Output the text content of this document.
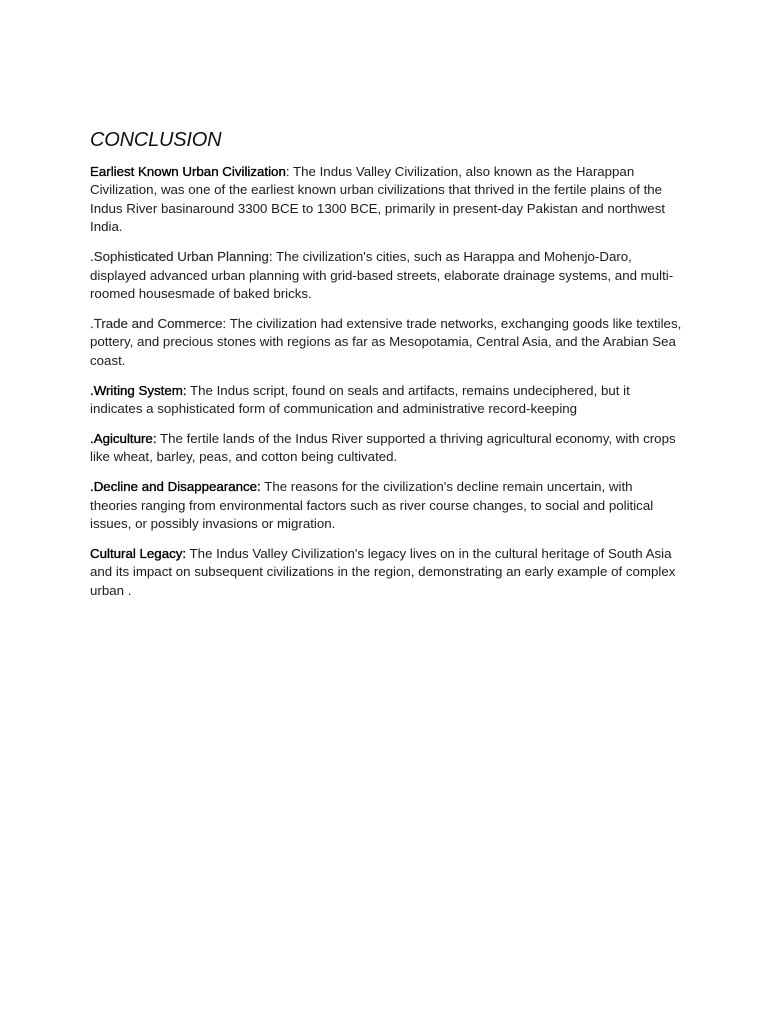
CONCLUSION

Earliest Known Urban Civilization: The Indus Valley Civilization, also known as the Harappan Civilization, was one of the earliest known urban civilizations that thrived in the fertile plains of the Indus River basinaround 3300 BCE to 1300 BCE, primarily in present-day Pakistan and northwest India.

.Sophisticated Urban Planning: The civilization's cities, such as Harappa and Mohenjo-Daro, displayed advanced urban planning with grid-based streets, elaborate drainage systems, and multi-roomed housesmade of baked bricks.

.Trade and Commerce: The civilization had extensive trade networks, exchanging goods like textiles, pottery, and precious stones with regions as far as Mesopotamia, Central Asia, and the Arabian Sea coast.

.Writing System: The Indus script, found on seals and artifacts, remains undeciphered, but it indicates a sophisticated form of communication and administrative record-keeping

.Agiculture: The fertile lands of the Indus River supported a thriving agricultural economy, with crops like wheat, barley, peas, and cotton being cultivated.

.Decline and Disappearance: The reasons for the civilization's decline remain uncertain, with theories ranging from environmental factors such as river course changes, to social and political issues, or possibly invasions or migration.

Cultural Legacy: The Indus Valley Civilization's legacy lives on in the cultural heritage of South Asia and its impact on subsequent civilizations in the region, demonstrating an early example of complex urban .
